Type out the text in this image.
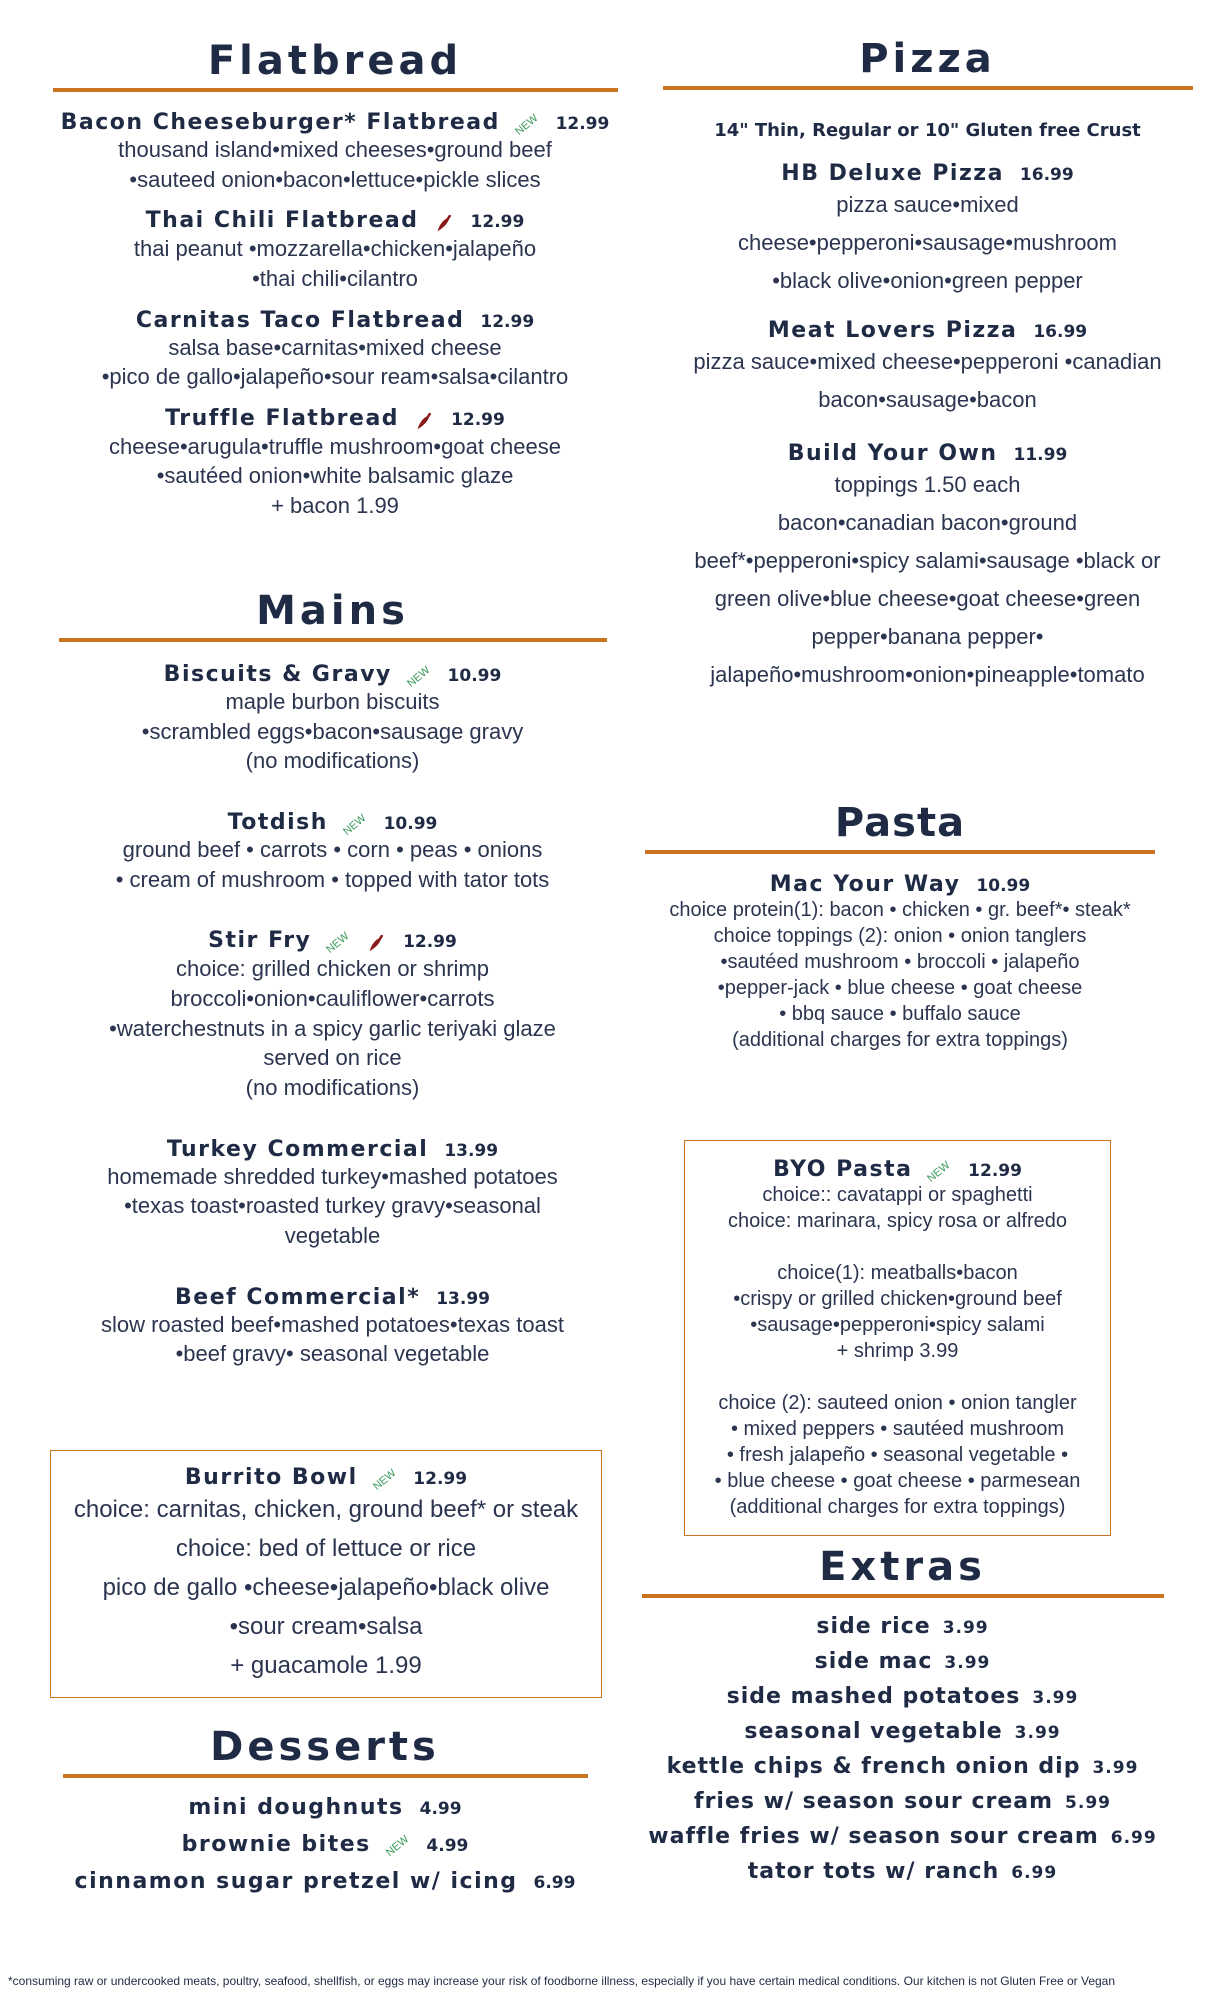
Flatbread
Bacon Cheeseburger* Flatbread NEW 12.99
thousand island•mixed cheeses•ground beef
•sauteed onion•bacon•lettuce•pickle slices
Thai Chili Flatbread	12.99
thai peanut •mozzarella•chicken•jalapeño
•thai chili•cilantro
Carnitas Taco Flatbread 12.99
salsa base•carnitas•mixed cheese
•pico de gallo•jalapeño•sour ream•salsa•cilantro
Truffle Flatbread	12.99
cheese•arugula•truffle mushroom•goat cheese
•sautéed onion•white balsamic glaze
+ bacon 1.99
Mains
Biscuits & Gravy NEW 10.99
maple burbon biscuits
•scrambled eggs•bacon•sausage gravy
(no modifications)
Totdish NEW 10.99
ground beef • carrots • corn • peas • onions
• cream of mushroom • topped with tator tots
Stir Fry NEW	12.99
choice: grilled chicken or shrimp
broccoli•onion•cauliflower•carrots
•waterchestnuts in a spicy garlic teriyaki glaze
served on rice
(no modifications)
Turkey Commercial 13.99
homemade shredded turkey•mashed potatoes
•texas toast•roasted turkey gravy•seasonal
vegetable
Beef Commercial* 13.99
slow roasted beef•mashed potatoes•texas toast
•beef gravy• seasonal vegetable
Burrito Bowl NEW 12.99
choice: carnitas, chicken, ground beef* or steak
choice: bed of lettuce or rice
pico de gallo •cheese•jalapeño•black olive
•sour cream•salsa
+ guacamole 1.99
Desserts
mini doughnuts 4.99
brownie bites NEW 4.99
cinnamon sugar pretzel w/ icing 6.99
Pizza
14" Thin, Regular or 10" Gluten free Crust
HB Deluxe Pizza 16.99
pizza sauce•mixed
cheese•pepperoni•sausage•mushroom
•black olive•onion•green pepper
Meat Lovers Pizza 16.99
pizza sauce•mixed cheese•pepperoni •canadian
bacon•sausage•bacon
Build Your Own 11.99
toppings 1.50 each
bacon•canadian bacon•ground
beef*•pepperoni•spicy salami•sausage •black or
green olive•blue cheese•goat cheese•green
pepper•banana pepper•
jalapeño•mushroom•onion•pineapple•tomato
Pasta
Mac Your Way 10.99
choice protein(1): bacon • chicken • gr. beef*• steak*
choice toppings (2): onion • onion tanglers
•sautéed mushroom • broccoli • jalapeño
•pepper-jack • blue cheese • goat cheese
• bbq sauce • buffalo sauce
(additional charges for extra toppings)
BYO Pasta NEW 12.99
choice:: cavatappi or spaghetti
choice: marinara, spicy rosa or alfredo
choice(1): meatballs•bacon
•crispy or grilled chicken•ground beef
•sausage•pepperoni•spicy salami
+ shrimp 3.99
choice (2): sauteed onion • onion tangler
• mixed peppers • sautéed mushroom
• fresh jalapeño • seasonal vegetable •
• blue cheese • goat cheese • parmesean
(additional charges for extra toppings)
Extras
side rice 3.99
side mac 3.99
side mashed potatoes 3.99
seasonal vegetable 3.99
kettle chips & french onion dip 3.99
fries w/ season sour cream 5.99
waffle fries w/ season sour cream 6.99
tator tots w/ ranch 6.99
*consuming raw or undercooked meats, poultry, seafood, shellfish, or eggs may increase your risk of foodborne illness, especially if you have certain medical conditions. Our kitchen is not Gluten Free or Vegan
